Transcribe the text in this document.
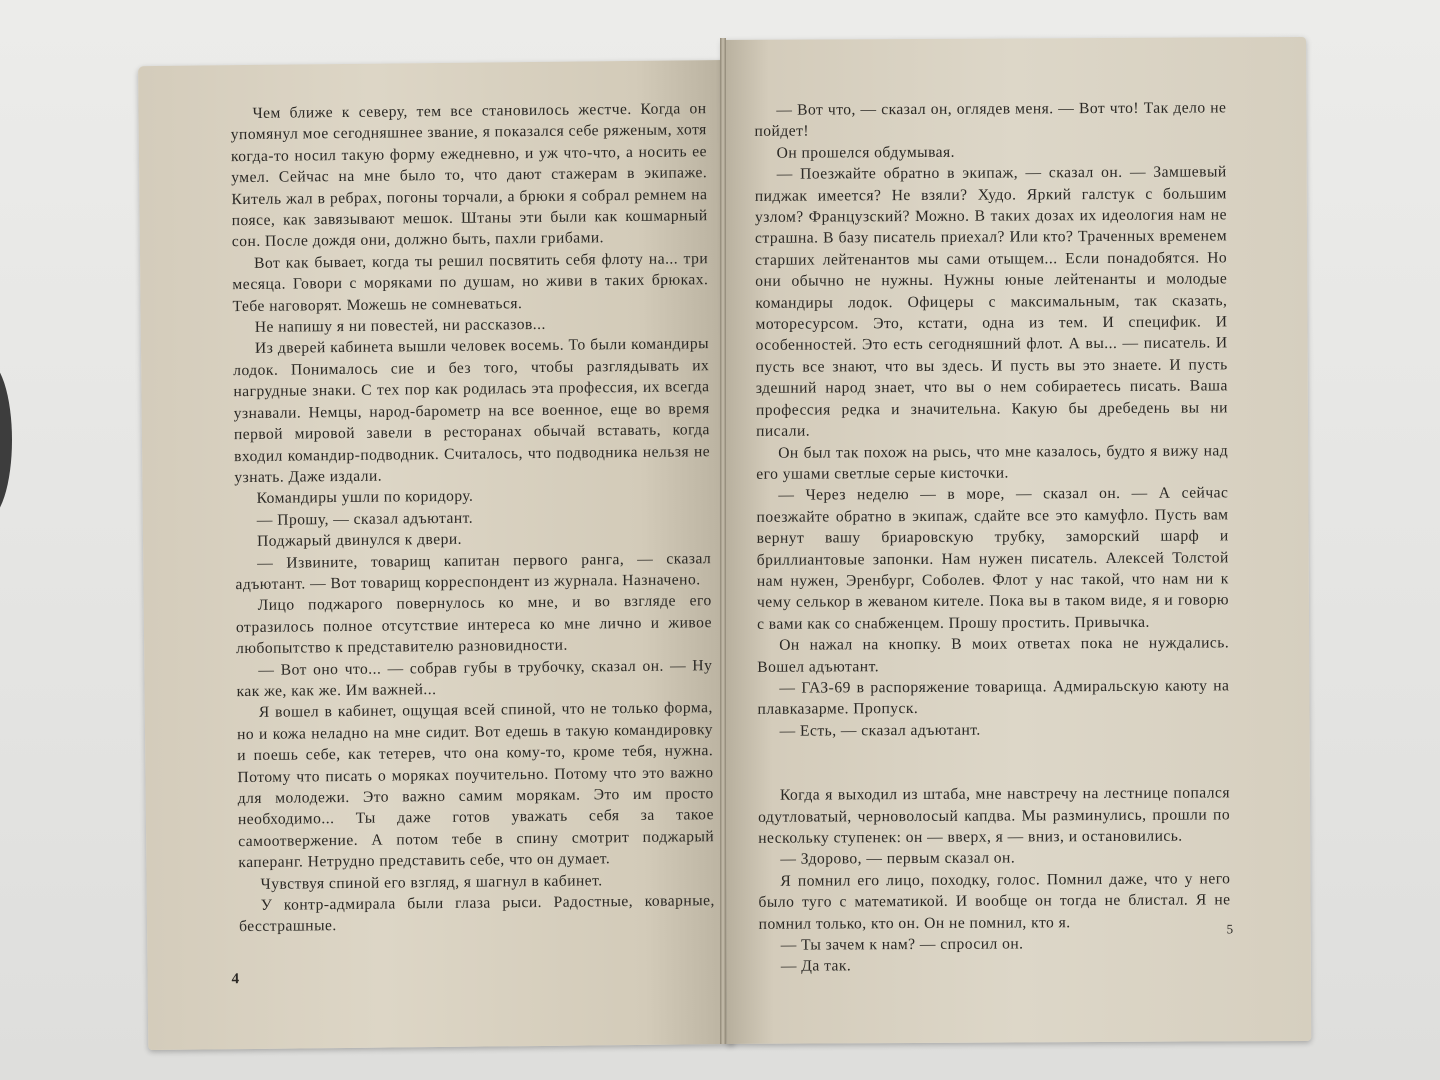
Чем ближе к северу, тем все становилось жестче. Когда он упомянул мое сегодняшнее звание, я показался себе ряженым, хотя когда-то носил такую форму ежедневно, и уж что-что, а носить ее умел. Сейчас на мне было то, что дают стажерам в экипаже. Китель жал в ребрах, погоны торчали, а брюки я собрал ремнем на поясе, как завязывают мешок. Штаны эти были как кошмарный сон. После дождя они, должно быть, пахли грибами.

Вот как бывает, когда ты решил посвятить себя флоту на... три месяца. Говори с моряками по душам, но живи в таких брюках. Тебе наговорят. Можешь не сомневаться.

Не напишу я ни повестей, ни рассказов...

Из дверей кабинета вышли человек восемь. То были командиры лодок. Понималось сие и без того, чтобы разглядывать их нагрудные знаки. С тех пор как родилась эта профессия, их всегда узнавали. Немцы, народ-барометр на все военное, еще во время первой мировой завели в ресторанах обычай вставать, когда входил командир-подводник. Считалось, что подводника нельзя не узнать. Даже издали.

Командиры ушли по коридору.

— Прошу, — сказал адъютант.

Поджарый двинулся к двери.

— Извините, товарищ капитан первого ранга, — сказал адъютант. — Вот товарищ корреспондент из журнала. Назначено.

Лицо поджарого повернулось ко мне, и во взгляде его отразилось полное отсутствие интереса ко мне лично и живое любопытство к представителю разновидности.

— Вот оно что... — собрав губы в трубочку, сказал он. — Ну как же, как же. Им важней...

Я вошел в кабинет, ощущая всей спиной, что не только форма, но и кожа неладно на мне сидит. Вот едешь в такую командировку и поешь себе, как тетерев, что она кому-то, кроме тебя, нужна. Потому что писать о моряках поучительно. Потому что это важно для молодежи. Это важно самим морякам. Это им просто необходимо... Ты даже готов уважать себя за такое самоотвержение. А потом тебе в спину смотрит поджарый каперанг. Нетрудно представить себе, что он думает.

Чувствуя спиной его взгляд, я шагнул в кабинет.

У контр-адмирала были глаза рыси. Радостные, коварные, бесстрашные.

4

— Вот что, — сказал он, оглядев меня. — Вот что! Так дело не пойдет!

Он прошелся обдумывая.

— Поезжайте обратно в экипаж, — сказал он. — Замшевый пиджак имеется? Не взяли? Худо. Яркий галстук с большим узлом? Французский? Можно. В таких дозах их идеология нам не страшна. В базу писатель приехал? Или кто? Траченных временем старших лейтенантов мы сами отыщем... Если понадобятся. Но они обычно не нужны. Нужны юные лейтенанты и молодые командиры лодок. Офицеры с максимальным, так сказать, моторесурсом. Это, кстати, одна из тем. И специфик. И особенностей. Это есть сегодняшний флот. А вы... — писатель. И пусть все знают, что вы здесь. И пусть вы это знаете. И пусть здешний народ знает, что вы о нем собираетесь писать. Ваша профессия редка и значительна. Какую бы дребедень вы ни писали.

Он был так похож на рысь, что мне казалось, будто я вижу над его ушами светлые серые кисточки.

— Через неделю — в море, — сказал он. — А сейчас поезжайте обратно в экипаж, сдайте все это камуфло. Пусть вам вернут вашу бриаровскую трубку, заморский шарф и бриллиантовые запонки. Нам нужен писатель. Алексей Толстой нам нужен, Эренбург, Соболев. Флот у нас такой, что нам ни к чему селькор в жеваном кителе. Пока вы в таком виде, я и говорю с вами как со снабженцем. Прошу простить. Привычка.

Он нажал на кнопку. В моих ответах пока не нуждались. Вошел адъютант.

— ГАЗ-69 в распоряжение товарища. Адмиральскую каюту на плавказарме. Пропуск.

— Есть, — сказал адъютант.

Когда я выходил из штаба, мне навстречу на лестнице попался одутловатый, черноволосый капдва. Мы разминулись, прошли по нескольку ступенек: он — вверх, я — вниз, и остановились.

— Здорово, — первым сказал он.

Я помнил его лицо, походку, голос. Помнил даже, что у него было туго с математикой. И вообще он тогда не блистал. Я не помнил только, кто он. Он не помнил, кто я.

— Ты зачем к нам? — спросил он.

— Да так.

5
